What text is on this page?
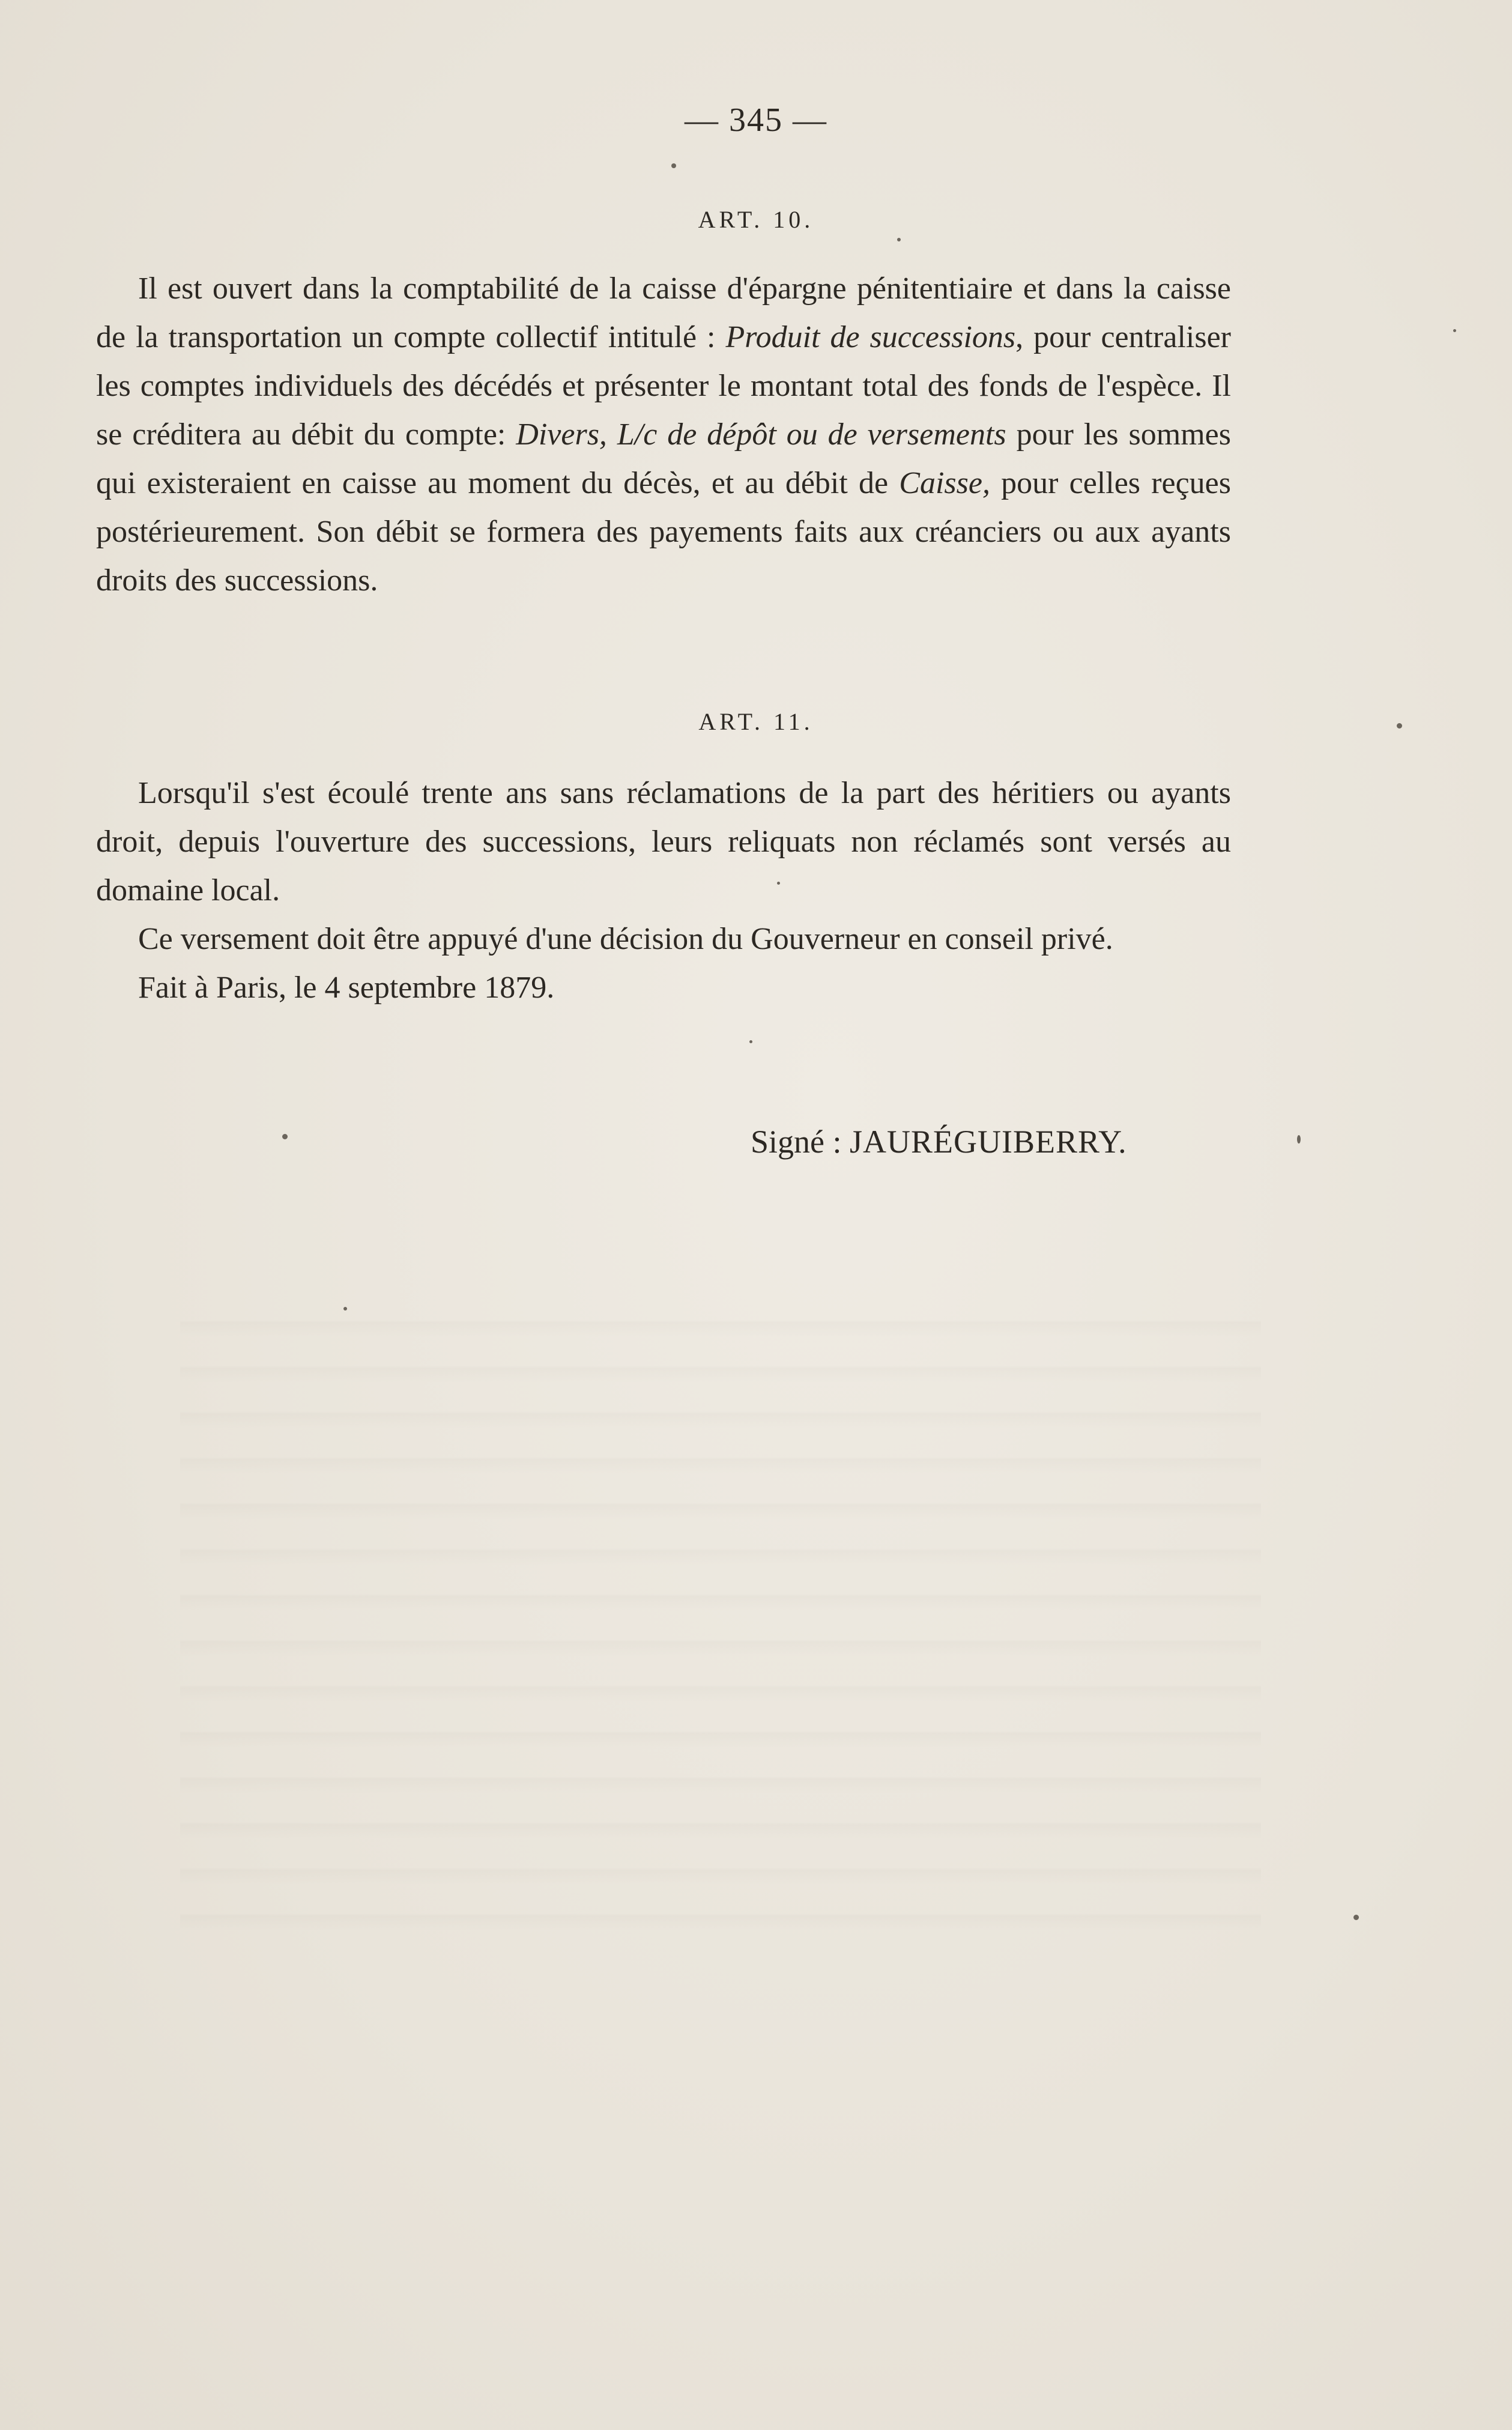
— 345 —
ART. 10.

Il est ouvert dans la comptabilité de la caisse d'épargne pénitentiaire et dans la caisse de la transportation un compte collectif intitulé : Produit de successions, pour centraliser les comptes individuels des décédés et présenter le montant total des fonds de l'espèce. Il se créditera au débit du compte: Divers, L/c de dépôt ou de versements pour les sommes qui existeraient en caisse au moment du décès, et au débit de Caisse, pour celles reçues postérieurement. Son débit se formera des payements faits aux créanciers ou aux ayants droits des successions.

ART. 11.

Lorsqu'il s'est écoulé trente ans sans réclamations de la part des héritiers ou ayants droit, depuis l'ouverture des successions, leurs reliquats non réclamés sont versés au domaine local.

Ce versement doit être appuyé d'une décision du Gouverneur en conseil privé.

Fait à Paris, le 4 septembre 1879.

Signé : JAURÉGUIBERRY.
